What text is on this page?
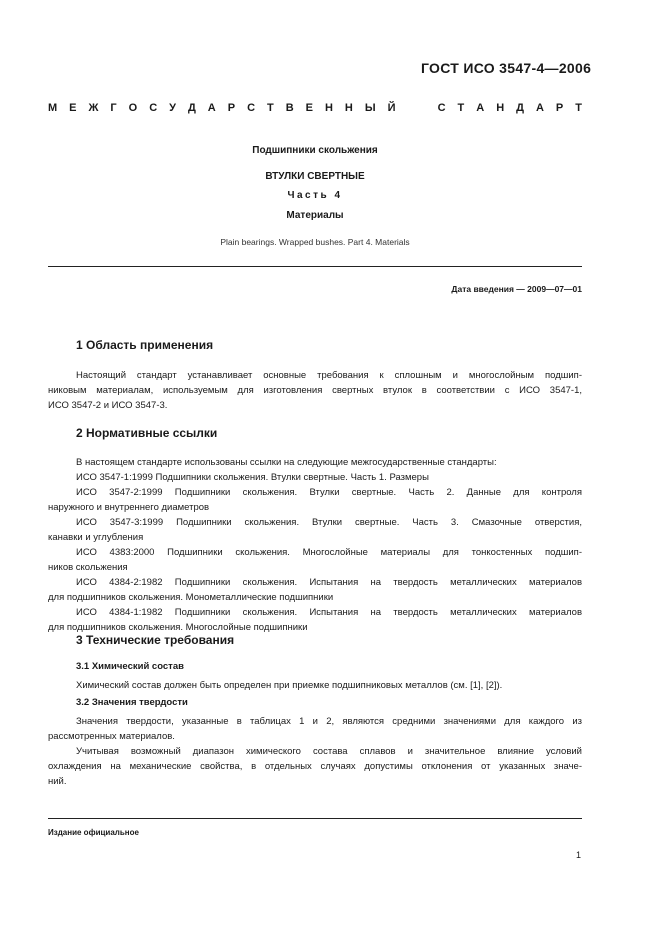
ГОСТ ИСО 3547-4—2006
М Е Ж Г О С У Д А Р С Т В Е Н Н Ы Й

	С Т А Н Д А Р Т
Подшипники скольжения
ВТУЛКИ СВЕРТНЫЕ
Часть 4
Материалы
Plain bearings. Wrapped bushes. Part 4. Materials
Дата введения — 2009—07—01
1 Область применения
Настоящий стандарт устанавливает основные требования к сплошным и многослойным подшип-
никовым материалам, используемым для изготовления свертных втулок в соответствии с ИСО 3547-1,
ИСО 3547-2 и ИСО 3547-3.
2 Нормативные ссылки
В настоящем стандарте использованы ссылки на следующие межгосударственные стандарты:
ИСО 3547-1:1999 Подшипники скольжения. Втулки свертные. Часть 1. Размеры
ИСО 3547-2:1999 Подшипники скольжения. Втулки свертные. Часть 2. Данные для контроля
наружного и внутреннего диаметров
ИСО 3547-3:1999 Подшипники скольжения. Втулки свертные. Часть 3. Смазочные отверстия,
канавки и углубления
ИСО 4383:2000 Подшипники скольжения. Многослойные материалы для тонкостенных подшип-
ников скольжения
ИСО 4384-2:1982 Подшипники скольжения. Испытания на твердость металлических материалов
для подшипников скольжения. Монометаллические подшипники
ИСО 4384-1:1982 Подшипники скольжения. Испытания на твердость металлических материалов
для подшипников скольжения. Многослойные подшипники
3 Технические требования
3.1 Химический состав
Химический состав должен быть определен при приемке подшипниковых металлов (см. [1], [2]).
3.2 Значения твердости
Значения твердости, указанные в таблицах 1 и 2, являются средними значениями для каждого из
рассмотренных материалов.
Учитывая возможный диапазон химического состава сплавов и значительное влияние условий
охлаждения на механические свойства, в отдельных случаях допустимы отклонения от указанных значе-
ний.
Издание официальное
1
